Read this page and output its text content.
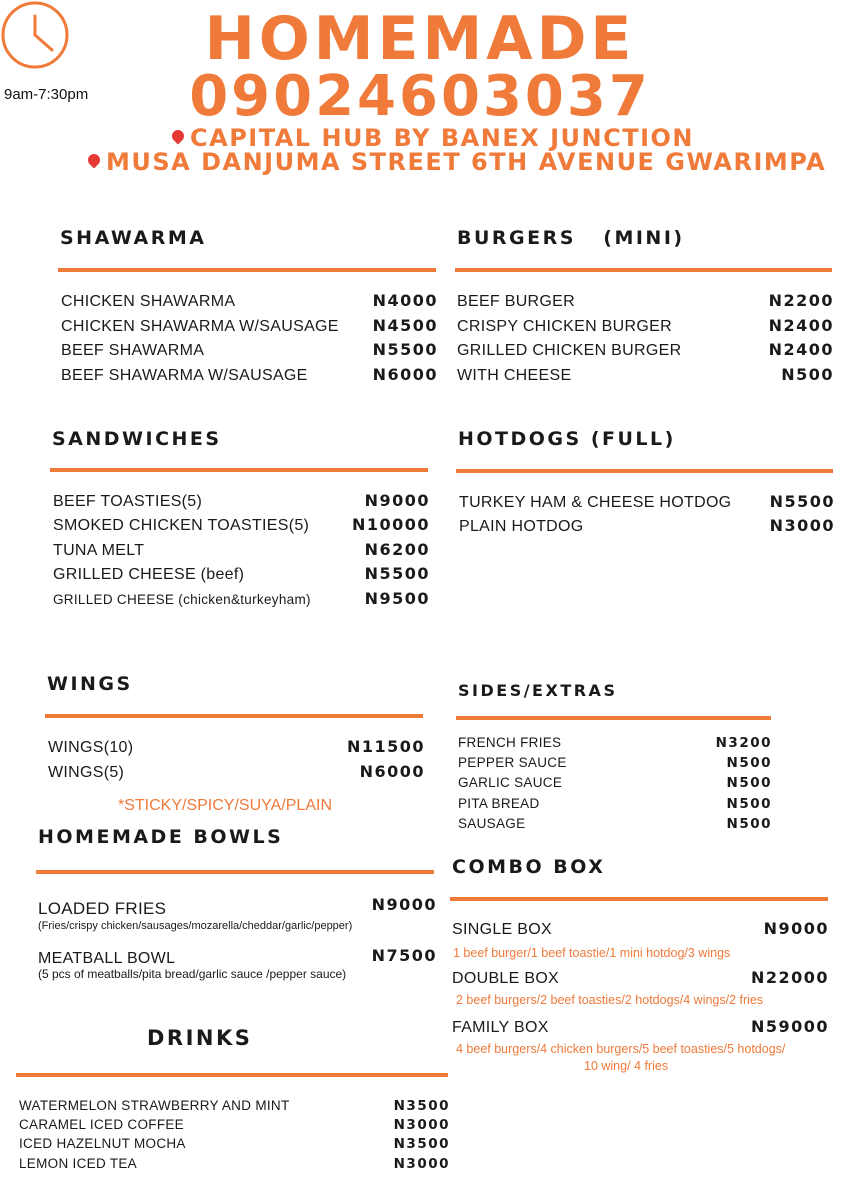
9am-7:30pm
HOMEMADE
09024603037
CAPITAL HUB BY BANEX JUNCTION
MUSA DANJUMA STREET 6TH AVENUE GWARIMPA
SHAWARMA
CHICKEN SHAWARMA	N4000
CHICKEN SHAWARMA W/SAUSAGE N4500
BEEF SHAWARMA	N5500
BEEF SHAWARMA W/SAUSAGE	N6000
BURGERS   (MINI)
BEEF BURGER	N2200
CRISPY CHICKEN BURGER	N2400
GRILLED CHICKEN BURGER	N2400
WITH CHEESE	N500
SANDWICHES
BEEF TOASTIES(5)	N9000
SMOKED CHICKEN TOASTIES(5)	N10000
TUNA MELT	N6200
GRILLED CHEESE (beef)	N5500
GRILLED CHEESE (chicken&turkeyham)	N9500
HOTDOGS (FULL)
TURKEY HAM & CHEESE HOTDOG N5500
PLAIN HOTDOG	N3000
WINGS
WINGS(10)	N11500
WINGS(5)	N6000
*STICKY/SPICY/SUYA/PLAIN
SIDES/EXTRAS
FRENCH FRIES	N3200
PEPPER SAUCE	N500
GARLIC SAUCE	N500
PITA BREAD	N500
SAUSAGE	N500
HOMEMADE BOWLS
LOADED FRIES	N9000
(Fries/crispy chicken/sausages/mozarella/cheddar/garlic/pepper)
MEATBALL BOWL	N7500
(5 pcs of meatballs/pita bread/garlic sauce /pepper sauce)
COMBO BOX
SINGLE BOX	N9000
1 beef burger/1 beef toastie/1 mini hotdog/3 wings
DOUBLE BOX	N22000
2 beef burgers/2 beef toasties/2 hotdogs/4 wings/2 fries
FAMILY BOX	N59000
4 beef burgers/4 chicken burgers/5 beef toasties/5 hotdogs/
10 wing/ 4 fries
DRINKS
WATERMELON STRAWBERRY AND MINT	N3500
CARAMEL ICED COFFEE	N3000
ICED HAZELNUT MOCHA	N3500
LEMON ICED TEA	N3000
